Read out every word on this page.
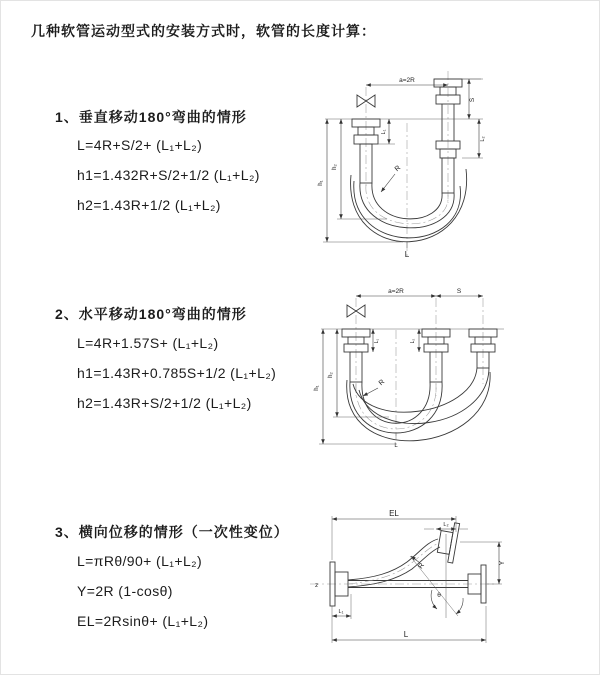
几种软管运动型式的安装方式时，软管的长度计算：
1、垂直移动180°弯曲的情形
L=4R+S/2+ (L₁+L₂)
h1=1.432R+S/2+1/2 (L₁+L₂)
h2=1.43R+1/2 (L₁+L₂)
2、水平移动180°弯曲的情形
L=4R+1.57S+ (L₁+L₂)
h1=1.43R+0.785S+1/2 (L₁+L₂)
h2=1.43R+S/2+1/2 (L₁+L₂)
3、横向位移的情形（一次性变位）
L=πRθ/90+ (L₁+L₂)
Y=2R (1-cosθ)
EL=2Rsinθ+ (L₁+L₂)
a=2R
h₁
h₂
L₁
S
L₂
R
L
a=2R	S
h₁
h₂
L₁	L₂
R
L
z
θ
EL
L₂
Y
R
L
L₁
